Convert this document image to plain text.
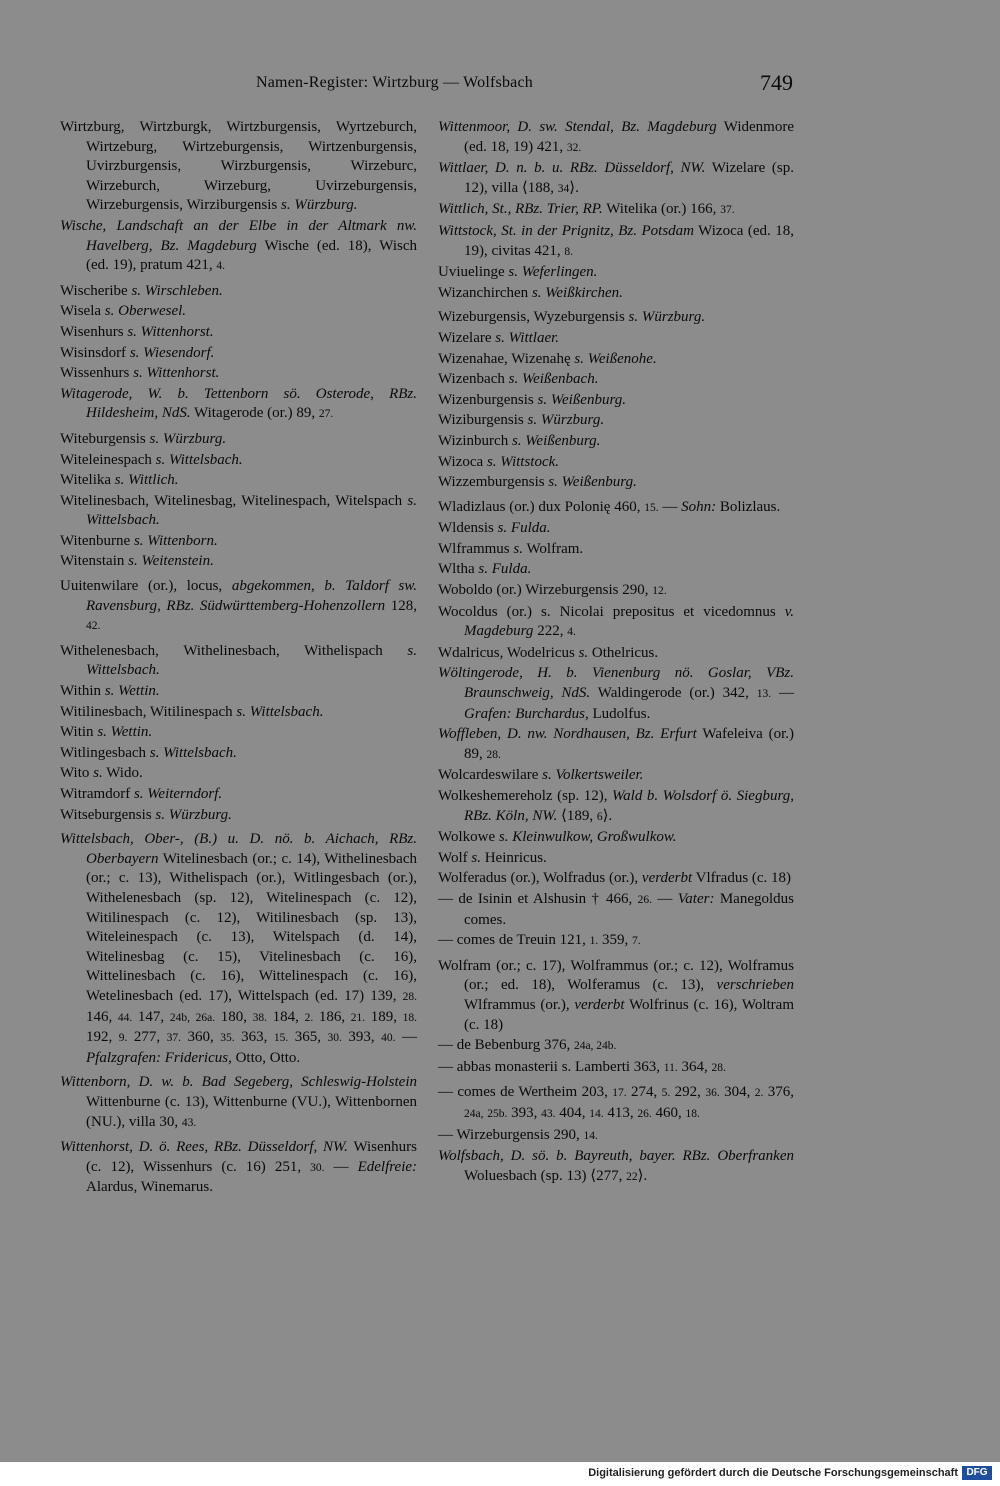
Namen-Register: Wirtzburg — Wolfsbach	749

Wirtzburg, Wirtzburgk, Wirtzburgensis, Wyrtzeburch, Wirtzeburg, Wirtzeburgensis, Wirtzenburgensis, Uvirzburgensis, Wirzburgensis, Wirzeburc, Wirzeburch, Wirzeburg, Uvirzeburgensis, Wirzeburgensis, Wirziburgensis s. Würzburg.

Wische, Landschaft an der Elbe in der Altmark nw. Havelberg, Bz. Magdeburg Wische (ed. 18), Wisch (ed. 19), pratum 421, 4.

Wischeribe s. Wirschleben.

Wisela s. Oberwesel.

Wisenhurs s. Wittenhorst.

Wisinsdorf s. Wiesendorf.

Wissenhurs s. Wittenhorst.

Witagerode, W. b. Tettenborn sö. Osterode, RBz. Hildesheim, NdS. Witagerode (or.) 89, 27.

Witeburgensis s. Würzburg.

Witeleinespach s. Wittelsbach.

Witelika s. Wittlich.

Witelinesbach, Witelinesbag, Witelinespach, Witelspach s. Wittelsbach.

Witenburne s. Wittenborn.

Witenstain s. Weitenstein.

Uuitenwilare (or.), locus, abgekommen, b. Taldorf sw. Ravensburg, RBz. Südwürttemberg-Hohenzollern 128, 42.

Withelenesbach, Withelinesbach, Withelispach s. Wittelsbach.

Within s. Wettin.

Witilinesbach, Witilinespach s. Wittelsbach.

Witin s. Wettin.

Witlingesbach s. Wittelsbach.

Wito s. Wido.

Witramdorf s. Weiterndorf.

Witseburgensis s. Würzburg.

Wittelsbach, Ober-, (B.) u. D. nö. b. Aichach, RBz. Oberbayern Witelinesbach (or.; c. 14), Withelinesbach (or.; c. 13), Withelispach (or.), Witlingesbach (or.), Withelenesbach (sp. 12), Witelinespach (c. 12), Witilinespach (c. 12), Witilinesbach (sp. 13), Witeleinespach (c. 13), Witelspach (d. 14), Witelinesbag (c. 15), Vitelinesbach (c. 16), Wittelinesbach (c. 16), Wittelinespach (c. 16), Wetelinesbach (ed. 17), Wittelspach (ed. 17) 139, 28. 146, 44. 147, 24b, 26a. 180, 38. 184, 2. 186, 21. 189, 18. 192, 9. 277, 37. 360, 35. 363, 15. 365, 30. 393, 40. — Pfalzgrafen: Fridericus, Otto, Otto.

Wittenborn, D. w. b. Bad Segeberg, Schleswig-Holstein Wittenburne (c. 13), Wittenburne (VU.), Wittenbornen (NU.), villa 30, 43.

Wittenhorst, D. ö. Rees, RBz. Düsseldorf, NW. Wisenhurs (c. 12), Wissenhurs (c. 16) 251, 30. — Edelfreie: Alardus, Winemarus.

Wittenmoor, D. sw. Stendal, Bz. Magdeburg Widenmore (ed. 18, 19) 421, 32.

Wittlaer, D. n. b. u. RBz. Düsseldorf, NW. Wizelare (sp. 12), villa ⟨188, 34⟩.

Wittlich, St., RBz. Trier, RP. Witelika (or.) 166, 37.

Wittstock, St. in der Prignitz, Bz. Potsdam Wizoca (ed. 18, 19), civitas 421, 8.

Uviuelinge s. Weferlingen.

Wizanchirchen s. Weißkirchen.

Wizeburgensis, Wyzeburgensis s. Würzburg.

Wizelare s. Wittlaer.

Wizenahae, Wizenahę s. Weißenohe.

Wizenbach s. Weißenbach.

Wizenburgensis s. Weißenburg.

Wiziburgensis s. Würzburg.

Wizinburch s. Weißenburg.

Wizoca s. Wittstock.

Wizzemburgensis s. Weißenburg.

Wladizlaus (or.) dux Polonię 460, 15. — Sohn: Bolizlaus.

Wldensis s. Fulda.

Wlframmus s. Wolfram.

Wltha s. Fulda.

Woboldo (or.) Wirzeburgensis 290, 12.

Wocoldus (or.) s. Nicolai prepositus et vicedomnus v. Magdeburg 222, 4.

Wdalricus, Wodelricus s. Othelricus.

Wöltingerode, H. b. Vienenburg nö. Goslar, VBz. Braunschweig, NdS. Waldingerode (or.) 342, 13. — Grafen: Burchardus, Ludolfus.

Woffleben, D. nw. Nordhausen, Bz. Erfurt Wafeleiva (or.) 89, 28.

Wolcardeswilare s. Volkertsweiler.

Wolkeshemereholz (sp. 12), Wald b. Wolsdorf ö. Siegburg, RBz. Köln, NW. ⟨189, 6⟩.

Wolkowe s. Kleinwulkow, Großwulkow.

Wolf s. Heinricus.

Wolferadus (or.), Wolfradus (or.), verderbt Vlfradus (c. 18)

— de Isinin et Alshusin † 466, 26. — Vater: Manegoldus comes.

— comes de Treuin 121, 1. 359, 7.

Wolfram (or.; c. 17), Wolframmus (or.; c. 12), Wolframus (or.; ed. 18), Wolferamus (c. 13), verschrieben Wlframmus (or.), verderbt Wolfrinus (c. 16), Woltram (c. 18)

— de Bebenburg 376, 24a, 24b.

— abbas monasterii s. Lamberti 363, 11. 364, 28.

— comes de Wertheim 203, 17. 274, 5. 292, 36. 304, 2. 376, 24a, 25b. 393, 43. 404, 14. 413, 26. 460, 18.

— Wirzeburgensis 290, 14.

Wolfsbach, D. sö. b. Bayreuth, bayer. RBz. Oberfranken Woluesbach (sp. 13) ⟨277, 22⟩.

Digitalisierung gefördert durch die Deutsche Forschungsgemeinschaft DFG
